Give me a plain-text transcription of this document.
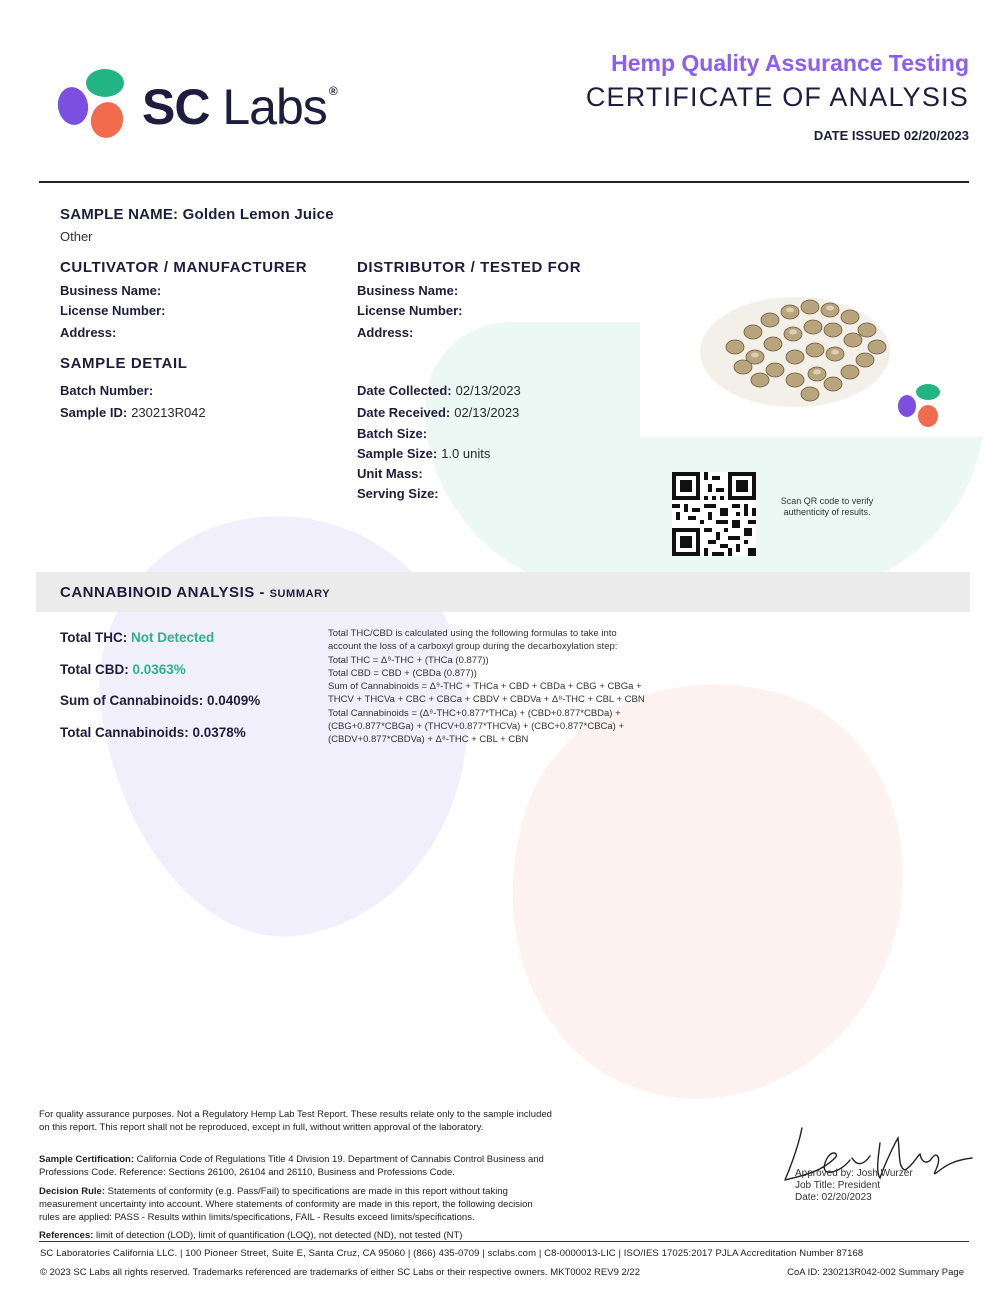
SC Labs ®
Hemp Quality Assurance Testing
CERTIFICATE OF ANALYSIS
DATE ISSUED 02/20/2023
SAMPLE NAME: Golden Lemon Juice
Other
CULTIVATOR / MANUFACTURER
Business Name:
License Number:
Address:
DISTRIBUTOR / TESTED FOR
Business Name:
License Number:
Address:
SAMPLE DETAIL
Batch Number:
Sample ID: 230213R042
Date Collected: 02/13/2023
Date Received: 02/13/2023
Batch Size:
Sample Size: 1.0 units
Unit Mass:
Serving Size:	Scan QR code to verify
authenticity of results.
CANNABINOID ANALYSIS - SUMMARY
Total THC: Not Detected
Total CBD: 0.0363%
Sum of Cannabinoids: 0.0409%
Total Cannabinoids: 0.0378%
Total THC/CBD is calculated using the following formulas to take into
account the loss of a carboxyl group during the decarboxylation step:
Total THC = Δ⁹-THC + (THCa (0.877))
Total CBD = CBD + (CBDa (0.877))
Sum of Cannabinoids = Δ⁹-THC + THCa + CBD + CBDa + CBG + CBGa +
THCV + THCVa + CBC + CBCa + CBDV + CBDVa + Δ⁸-THC + CBL + CBN
Total Cannabinoids = (Δ⁹-THC+0.877*THCa) + (CBD+0.877*CBDa) +
(CBG+0.877*CBGa) + (THCV+0.877*THCVa) + (CBC+0.877*CBCa) +
(CBDV+0.877*CBDVa) + Δ⁸-THC + CBL + CBN
For quality assurance purposes. Not a Regulatory Hemp Lab Test Report. These results relate only to the sample included on this report. This report shall not be reproduced, except in full, without written approval of the laboratory.
Sample Certification: California Code of Regulations Title 4 Division 19. Department of Cannabis Control Business and Professions Code. Reference: Sections 26100, 26104 and 26110, Business and Professions Code.
Decision Rule: Statements of conformity (e.g. Pass/Fail) to specifications are made in this report without taking measurement uncertainty into account. Where statements of conformity are made in this report, the following decision rules are applied: PASS - Results within limits/specifications, FAIL - Results exceed limits/specifications.
References: limit of detection (LOD), limit of quantification (LOQ), not detected (ND), not tested (NT)
Approved by: Josh Wurzer
Job Title: President
Date: 02/20/2023
SC Laboratories California LLC. | 100 Pioneer Street, Suite E, Santa Cruz, CA 95060 | (866) 435-0709 | sclabs.com | C8-0000013-LIC | ISO/IES 17025:2017 PJLA Accreditation Number 87168
© 2023 SC Labs all rights reserved. Trademarks referenced are trademarks of either SC Labs or their respective owners. MKT0002 REV9 2/22	CoA ID: 230213R042-002 Summary Page
